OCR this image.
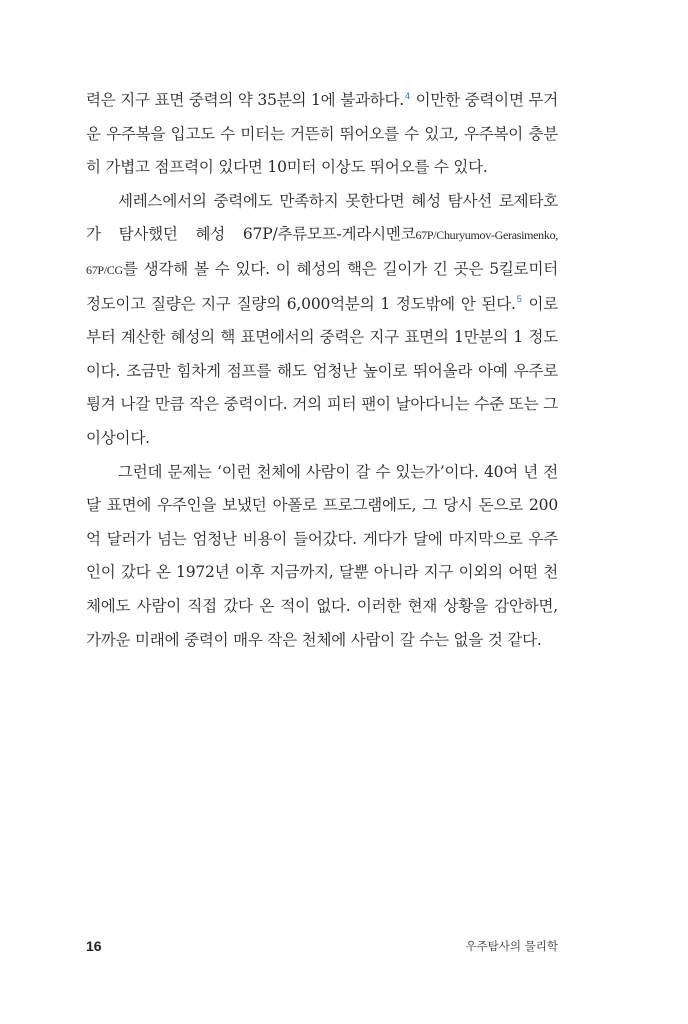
력은 지구 표면 중력의 약 35분의 1에 불과하다.$^4$ 이만한 중력이면 무거운 우주복을 입고도 수 미터는 거뜬히 뛰어오를 수 있고, 우주복이 충분히 가볍고 점프력이 있다면 10미터 이상도 뛰어오를 수 있다.

세레스에서의 중력에도 만족하지 못한다면 혜성 탐사선 로제타호가 탐사했던 혜성 67P/추류모프-게라시멘코67P/Churyumov-Gerasimenko, 67P/CG를 생각해 볼 수 있다. 이 혜성의 핵은 길이가 긴 곳은 5킬로미터 정도이고 질량은 지구 질량의 6,000억분의 1 정도밖에 안 된다.$^5$ 이로부터 계산한 혜성의 핵 표면에서의 중력은 지구 표면의 1만분의 1 정도이다. 조금만 힘차게 점프를 해도 엄청난 높이로 뛰어올라 아예 우주로 튕겨 나갈 만큼 작은 중력이다. 거의 피터 팬이 날아다니는 수준 또는 그 이상이다.

그런데 문제는 ‘이런 천체에 사람이 갈 수 있는가’이다. 40여 년 전 달 표면에 우주인을 보냈던 아폴로 프로그램에도, 그 당시 돈으로 200억 달러가 넘는 엄청난 비용이 들어갔다. 게다가 달에 마지막으로 우주인이 갔다 온 1972년 이후 지금까지, 달뿐 아니라 지구 이외의 어떤 천체에도 사람이 직접 갔다 온 적이 없다. 이러한 현재 상황을 감안하면, 가까운 미래에 중력이 매우 작은 천체에 사람이 갈 수는 없을 것 같다.

16	우주탐사의 물리학
